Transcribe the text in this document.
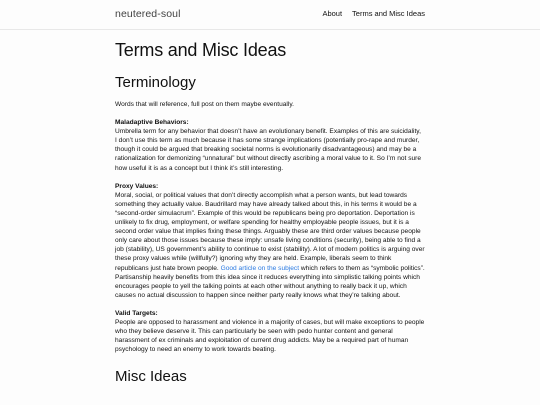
neutered-soul	About Terms and Misc Ideas
Terms and Misc Ideas
Terminology

Words that will reference, full post on them maybe eventually.

Maladaptive Behaviors:
Umbrella term for any behavior that doesn’t have an evolutionary benefit. Examples of this are suicidality,
I don’t use this term as much because it has some strange implications (potentially pro-rape and murder, though it could be argued that breaking societal norms is evolutionarily disadvantageous) and may be a rationalization for demonizing “unnatural” but without directly ascribing a moral value to it. So I’m not sure how useful it is as a concept but I think it’s still interesting.

Proxy Values:
Moral, social, or political values that don’t directly accomplish what a person wants, but lead towards something they actually value. Baudrillard may have already talked about this, in his terms it would be a “second-order simulacrum”. Example of this would be republicans being pro deportation. Deportation is unlikely to fix drug, employment, or welfare spending for healthy employable people issues, but it is a second order value that implies fixing these things. Arguably these are third order values because people only care about those issues because these imply: unsafe living conditions (security), being able to find a job (stability), US government’s ability to continue to exist (stability). A lot of modern politics is arguing over these proxy values while (willfully?) ignoring why they are held. Example, liberals seem to think republicans just hate brown people. Good article on the subject which refers to them as “symbolic politics”. Partisanship heavily benefits from this idea since it reduces everything into simplistic talking points which encourages people to yell the talking points at each other without anything to really back it up, which causes no actual discussion to happen since neither party really knows what they’re talking about.

Valid Targets:
People are opposed to harassment and violence in a majority of cases, but will make exceptions to people who they believe deserve it. This can particularly be seen with pedo hunter content and general harassment of ex criminals and exploitation of current drug addicts. May be a required part of human psychology to need an enemy to work towards beating.

Misc Ideas
